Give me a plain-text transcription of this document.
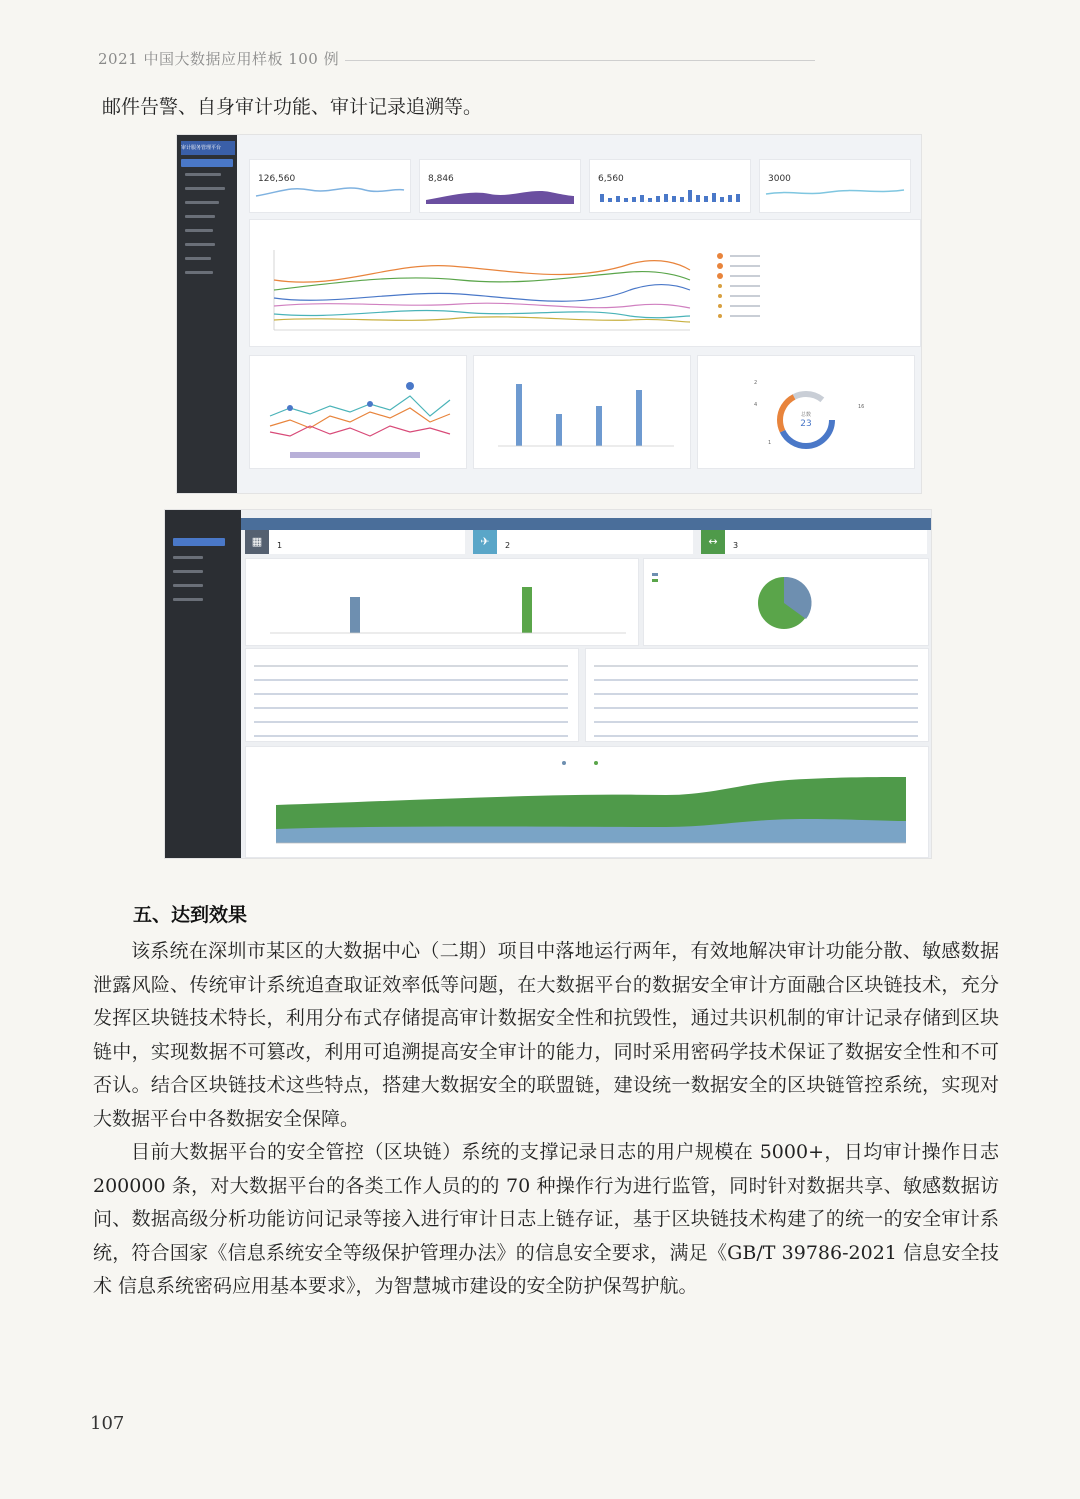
2021 中国大数据应用样板 100 例
邮件告警、自身审计功能、审计记录追溯等。
审计服务管理平台
126,560	8,846	6,560	3000
总数
23
2
16
4
1
▦	1	✈	2	↔	3
五、达到效果
该系统在深圳市某区的大数据中心（二期）项目中落地运行两年，有效地解决审计功能分散、敏感数据泄露风险、传统审计系统追查取证效率低等问题，在大数据平台的数据安全审计方面融合区块链技术，充分发挥区块链技术特长，利用分布式存储提高审计数据安全性和抗毁性，通过共识机制的审计记录存储到区块链中，实现数据不可篡改，利用可追溯提高安全审计的能力，同时采用密码学技术保证了数据安全性和不可否认。结合区块链技术这些特点，搭建大数据安全的联盟链，建设统一数据安全的区块链管控系统，实现对大数据平台中各数据安全保障。
目前大数据平台的安全管控（区块链）系统的支撑记录日志的用户规模在 5000+，日均审计操作日志 200000 条，对大数据平台的各类工作人员的的 70 种操作行为进行监管，同时针对数据共享、敏感数据访问、数据高级分析功能访问记录等接入进行审计日志上链存证，基于区块链技术构建了的统一的安全审计系统，符合国家《信息系统安全等级保护管理办法》的信息安全要求，满足《GB/T 39786-2021 信息安全技术 信息系统密码应用基本要求》，为智慧城市建设的安全防护保驾护航。
107
